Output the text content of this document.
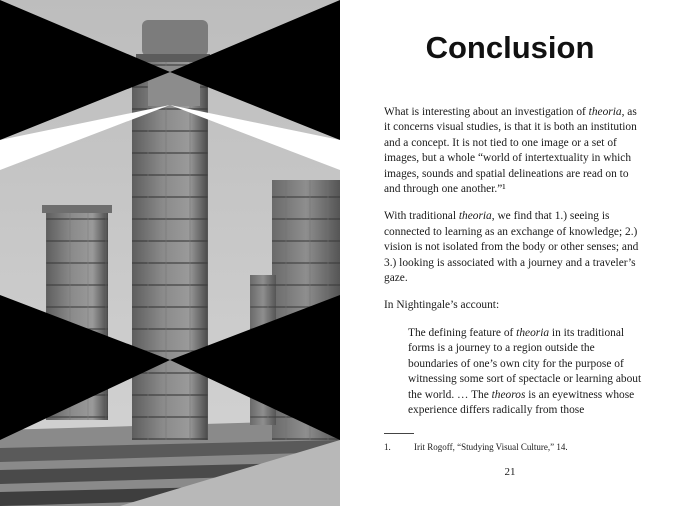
Conclusion

What is interesting about an investigation of theoria, as it concerns visual studies, is that it is both an institution and a concept. It is not tied to one image or a set of images, but a whole “world of intertextuality in which images, sounds and spatial delineations are read on to and through one another.”¹

With traditional theoria, we find that 1.) seeing is connected to learning as an exchange of knowledge; 2.) vision is not isolated from the body or other senses; and 3.) looking is associated with a journey and a traveler’s gaze.

In Nightingale’s account:

The defining feature of theoria in its traditional forms is a journey to a region outside the boundaries of one’s own city for the purpose of witnessing some sort of spectacle or learning about the world. … The theoros is an eyewitness whose experience differs radically from those

1.	Irit Rogoff, “Studying Visual Culture,” 14.
21
